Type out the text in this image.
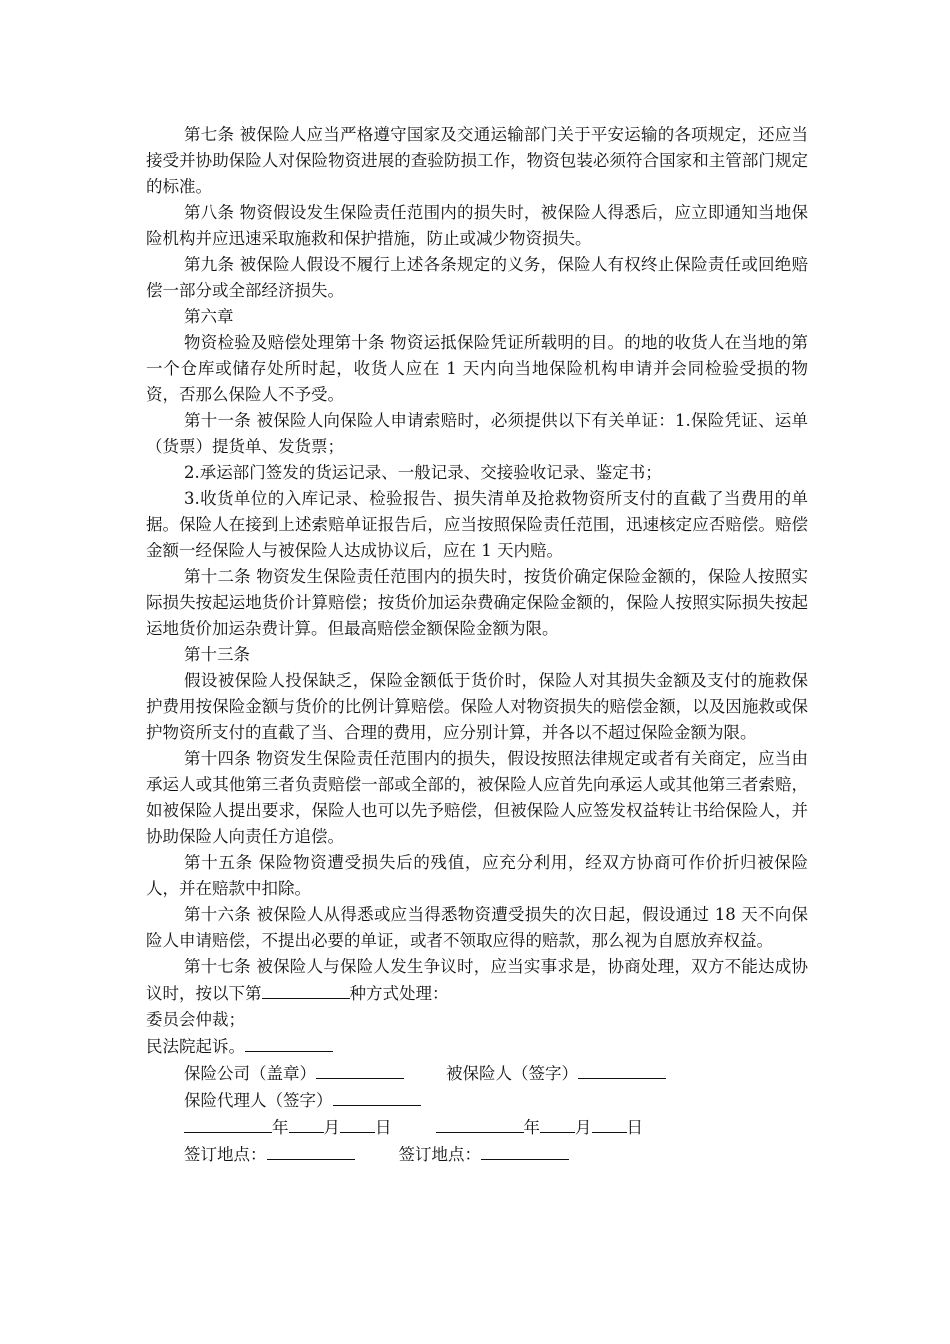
第七条 被保险人应当严格遵守国家及交通运输部门关于平安运输的各项规定，还应当接受并协助保险人对保险物资进展的查验防损工作，物资包装必须符合国家和主管部门规定的标准。

第八条 物资假设发生保险责任范围内的损失时，被保险人得悉后，应立即通知当地保险机构并应迅速采取施救和保护措施，防止或减少物资损失。

第九条 被保险人假设不履行上述各条规定的义务，保险人有权终止保险责任或回绝赔偿一部分或全部经济损失。

第六章

物资检验及赔偿处理第十条 物资运抵保险凭证所载明的目。的地的收货人在当地的第一个仓库或储存处所时起，收货人应在 1 天内向当地保险机构申请并会同检验受损的物资，否那么保险人不予受。

第十一条 被保险人向保险人申请索赔时，必须提供以下有关单证：1.保险凭证、运单（货票）提货单、发货票；

2.承运部门签发的货运记录、一般记录、交接验收记录、鉴定书；

3.收货单位的入库记录、检验报告、损失清单及抢救物资所支付的直截了当费用的单据。保险人在接到上述索赔单证报告后，应当按照保险责任范围，迅速核定应否赔偿。赔偿金额一经保险人与被保险人达成协议后，应在 1 天内赔。

第十二条 物资发生保险责任范围内的损失时，按货价确定保险金额的，保险人按照实际损失按起运地货价计算赔偿；按货价加运杂费确定保险金额的，保险人按照实际损失按起运地货价加运杂费计算。但最高赔偿金额保险金额为限。

第十三条

假设被保险人投保缺乏，保险金额低于货价时，保险人对其损失金额及支付的施救保护费用按保险金额与货价的比例计算赔偿。保险人对物资损失的赔偿金额，以及因施救或保护物资所支付的直截了当、合理的费用，应分别计算，并各以不超过保险金额为限。

第十四条 物资发生保险责任范围内的损失，假设按照法律规定或者有关商定，应当由承运人或其他第三者负责赔偿一部或全部的，被保险人应首先向承运人或其他第三者索赔，如被保险人提出要求，保险人也可以先予赔偿，但被保险人应签发权益转让书给保险人，并协助保险人向责任方追偿。

第十五条 保险物资遭受损失后的残值，应充分利用，经双方协商可作价折归被保险人，并在赔款中扣除。

第十六条 被保险人从得悉或应当得悉物资遭受损失的次日起，假设通过 18 天不向保险人申请赔偿，不提出必要的单证，或者不领取应得的赔款，那么视为自愿放弃权益。

第十七条 被保险人与保险人发生争议时，应当实事求是，协商处理，双方不能达成协议时，按以下第	种方式处理：

委员会仲裁；

民法院起诉。

保险公司（盖章）	被保险人（签字）

保险代理人（签字）

年 月 日	年 月 日

签订地点：	签订地点：
